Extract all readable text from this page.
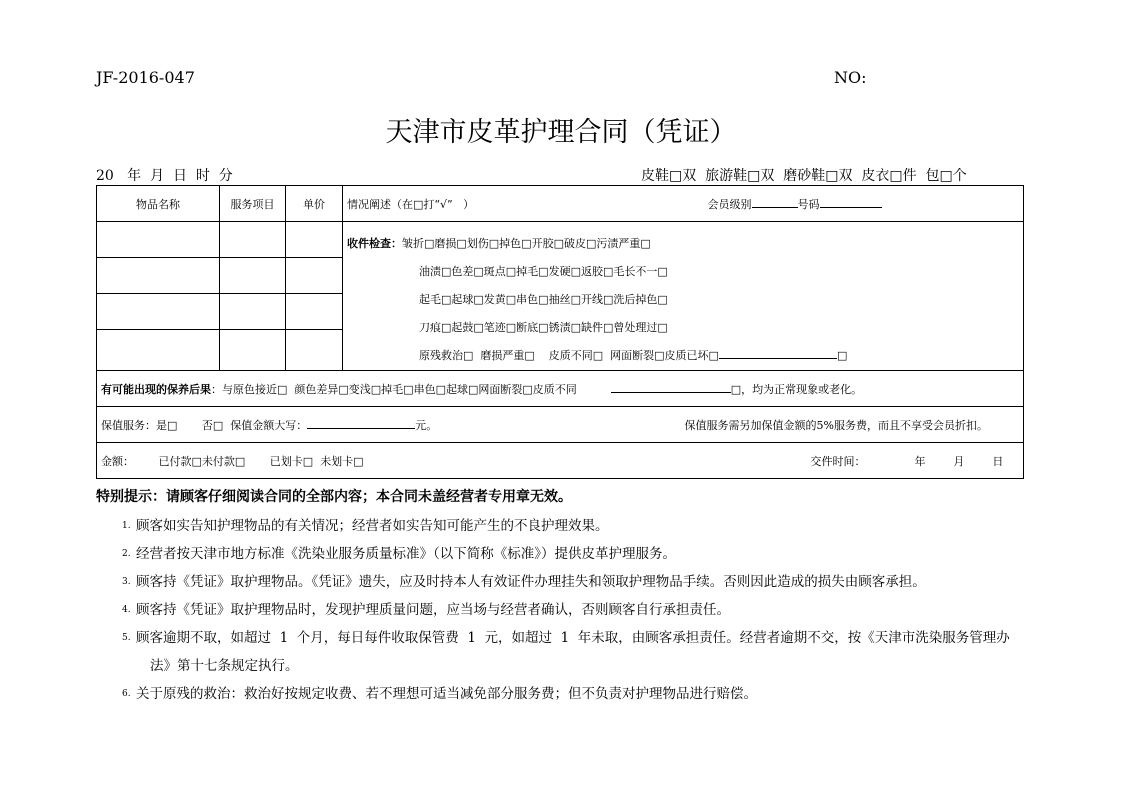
JF-2016-047	NO:
天津市皮革护理合同（凭证）
20   年  月  日  时  分	皮鞋□双  旅游鞋□双  磨砂鞋□双  皮衣□件  包□个
物品名称	服务项目	单价	情况阐述（在□打“√”   ） 会员级别 号码

			收件检查：皱折□磨损□划伤□掉色□开胶□破皮□污渍严重□
油渍□色差□斑点□掉毛□发硬□返胶□毛长不一□
起毛□起球□发黄□串色□抽丝□开线□洗后掉色□
刀痕□起鼓□笔迹□断底□锈渍□缺件□曾处理过□
原残救治□  磨损严重□    皮质不同□  网面断裂□皮质已坏□ □

有可能出现的保养后果：与原色接近□  颜色差异□变浅□掉毛□串色□起球□网面断裂□皮质不同 □，均为正常现象或老化。			
保值服务：是□       否□  保值金额大写： 元。 保值服务需另加保值金额的5%服务费，而且不享受会员折扣。			

金额：       已付款□未付款□       已划卡□  未划卡□ 交件时间：              年        月        日			
特别提示：请顾客仔细阅读合同的全部内容；本合同未盖经营者专用章无效。
1. 顾客如实告知护理物品的有关情况；经营者如实告知可能产生的不良护理效果。
2. 经营者按天津市地方标准《洗染业服务质量标准》（以下简称《标准》）提供皮革护理服务。
3. 顾客持《凭证》取护理物品。《凭证》遗失，应及时持本人有效证件办理挂失和领取护理物品手续。否则因此造成的损失由顾客承担。
4. 顾客持《凭证》取护理物品时，发现护理质量问题，应当场与经营者确认，否则顾客自行承担责任。
5. 顾客逾期不取，如超过  1  个月，每日每件收取保管费  1  元，如超过  1  年未取，由顾客承担责任。经营者逾期不交，按《天津市洗染服务管理办
法》第十七条规定执行。
6. 关于原残的救治：救治好按规定收费、若不理想可适当减免部分服务费；但不负责对护理物品进行赔偿。
